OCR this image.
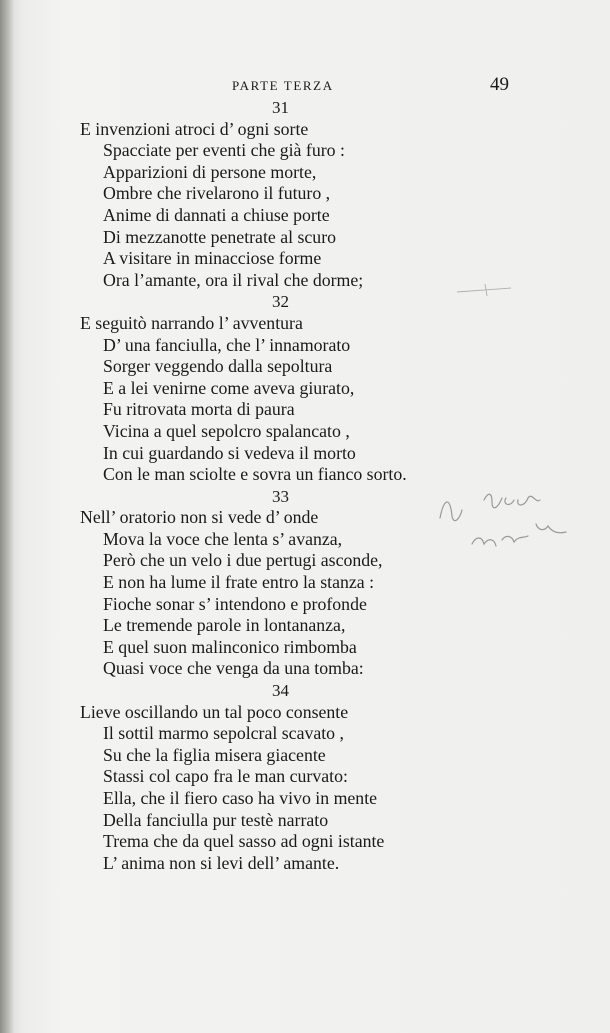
PARTE TERZA	49
31
E invenzioni atroci d’ ogni sorte
Spacciate per eventi che già furo :
Apparizioni di persone morte,
Ombre che rivelarono il futuro ,
Anime di dannati a chiuse porte
Di mezzanotte penetrate al scuro
A visitare in minacciose forme
Ora l’amante, ora il rival che dorme;
32
E seguitò narrando l’ avventura
D’ una fanciulla, che l’ innamorato
Sorger veggendo dalla sepoltura
E a lei venirne come aveva giurato,
Fu ritrovata morta di paura
Vicina a quel sepolcro spalancato ,
In cui guardando si vedeva il morto
Con le man sciolte e sovra un fianco sorto.
33
Nell’ oratorio non si vede d’ onde
Mova la voce che lenta s’ avanza,
Però che un velo i due pertugi asconde,
E non ha lume il frate entro la stanza :
Fioche sonar s’ intendono e profonde
Le tremende parole in lontananza,
E quel suon malinconico rimbomba
Quasi voce che venga da una tomba:
34
Lieve oscillando un tal poco consente
Il sottil marmo sepolcral scavato ,
Su che la figlia misera giacente
Stassi col capo fra le man curvato:
Ella, che il fiero caso ha vivo in mente
Della fanciulla pur testè narrato
Trema che da quel sasso ad ogni istante
L’ anima non si levi dell’ amante.
